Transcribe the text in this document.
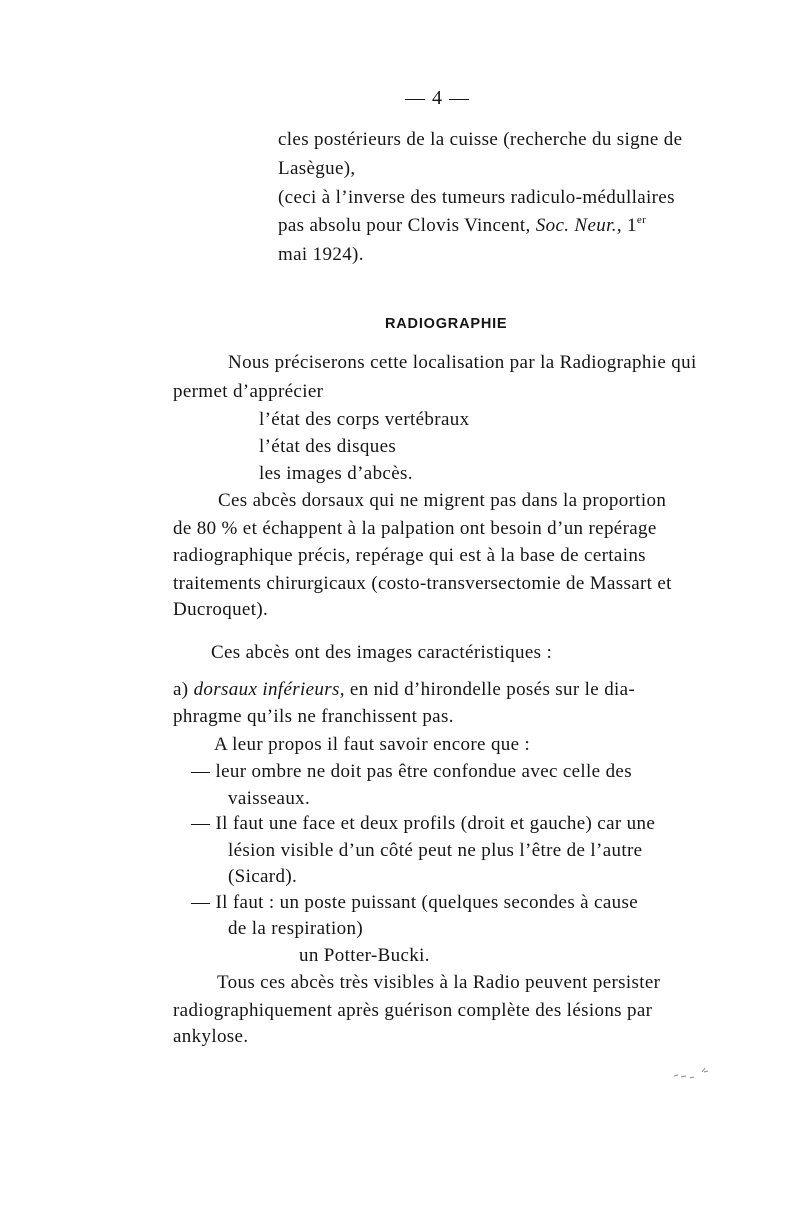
— 4 —
cles postérieurs de la cuisse (recherche du signe de
Lasègue),
(ceci à l’inverse des tumeurs radiculo-médullaires
pas absolu pour Clovis Vincent, Soc. Neur., 1er
mai 1924).
RADIOGRAPHIE
Nous préciserons cette localisation par la Radiographie qui
permet d’apprécier
l’état des corps vertébraux
l’état des disques
les images d’abcès.
Ces abcès dorsaux qui ne migrent pas dans la proportion
de 80 % et échappent à la palpation ont besoin d’un repérage
radiographique précis, repérage qui est à la base de certains
traitements chirurgicaux (costo-transversectomie de Massart et
Ducroquet).
Ces abcès ont des images caractéristiques :
a) dorsaux inférieurs, en nid d’hirondelle posés sur le dia-
phragme qu’ils ne franchissent pas.
A leur propos il faut savoir encore que :
— leur ombre ne doit pas être confondue avec celle des
vaisseaux.
— Il faut une face et deux profils (droit et gauche) car une
lésion visible d’un côté peut ne plus l’être de l’autre
(Sicard).
— Il faut : un poste puissant (quelques secondes à cause
de la respiration)
un Potter-Bucki.
Tous ces abcès très visibles à la Radio peuvent persister
radiographiquement après guérison complète des lésions par
ankylose.
